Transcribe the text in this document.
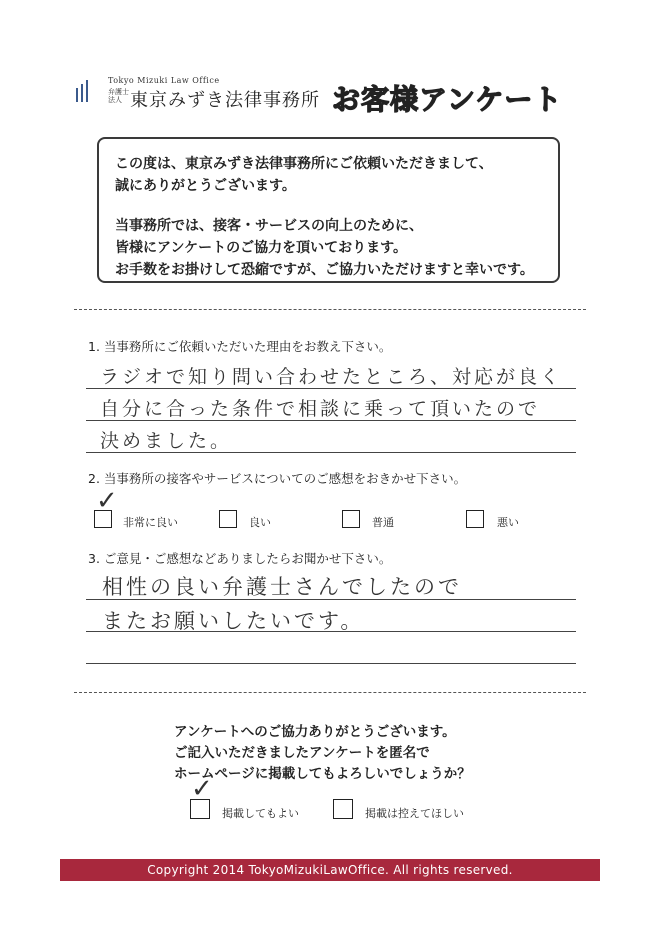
Tokyo Mizuki Law Office
弁護士法人 東京みずき法律事務所 お客様アンケート

この度は、東京みずき法律事務所にご依頼いただきまして、

誠にありがとうございます。

当事務所では、接客・サービスの向上のために、

皆様にアンケートのご協力を頂いております。

お手数をお掛けして恐縮ですが、ご協力いただけますと幸いです。

1. 当事務所にご依頼いただいた理由をお教え下さい。
ラジオで知り問い合わせたところ、対応が良く
自分に合った条件で相談に乗って頂いたので
決めました。
2. 当事務所の接客やサービスについてのご感想をおきかせ下さい。
✓
非常に良い	良い	普通	悪い
3. ご意見・ご感想などありましたらお聞かせ下さい。
相性の良い弁護士さんでしたので
またお願いしたいです。

アンケートへのご協力ありがとうございます。

ご記入いただきましたアンケートを匿名で

ホームページに掲載してもよろしいでしょうか？

✓
掲載してもよい	掲載は控えてほしい
Copyright 2014 TokyoMizukiLawOffice. All rights reserved.
